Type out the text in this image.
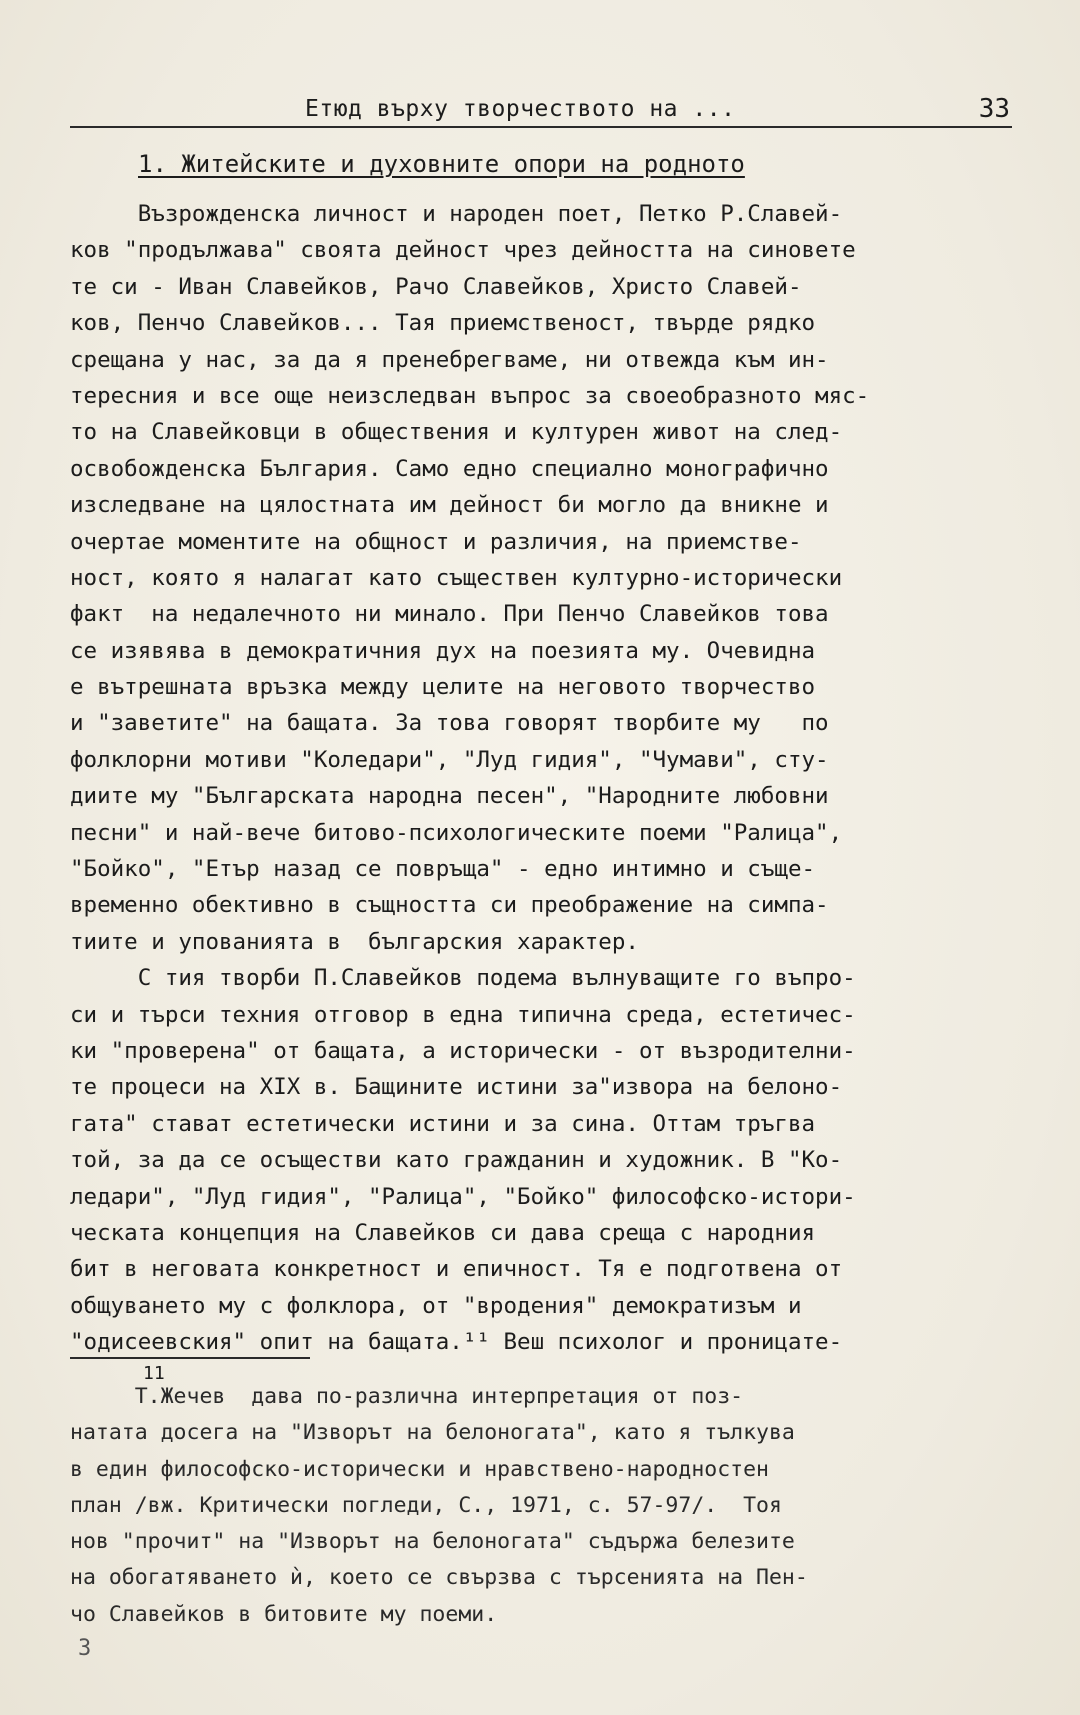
Етюд върху творчеството на ...	33
1. Житейските и духовните опори на родното
Възрожденска личност и народен поет, Петко Р.Славей-
ков "продължава" своята дейност чрез дейността на синовете
те си - Иван Славейков, Рачо Славейков, Христо Славей-
ков, Пенчо Славейков... Тая приемственост, твърде рядко
срещана у нас, за да я пренебрегваме, ни отвежда към ин-
тересния и все още неизследван въпрос за своеобразното мяс-
то на Славейковци в обществения и културен живот на след-
освобожденска България. Само едно специално монографично
изследване на цялостната им дейност би могло да вникне и
очертае моментите на общност и различия, на приемстве-
ност, която я налагат като съществен културно-исторически
факт  на недалечното ни минало. При Пенчо Славейков това
се изявява в демократичния дух на поезията му. Очевидна
е вътрешната връзка между целите на неговото творчество
и "заветите" на бащата. За това говорят творбите му   по
фолклорни мотиви "Коледари", "Луд гидия", "Чумави", сту-
диите му "Българската народна песен", "Народните любовни
песни" и най-вече битово-психологическите поеми "Ралица",
"Бойко", "Етър назад се повръща" - едно интимно и съще-
временно обективно в същността си преображение на симпа-
тиите и упованията в  българския характер.
С тия творби П.Славейков подема вълнуващите го въпро-
си и търси техния отговор в една типична среда, естетичес-
ки "проверена" от бащата, а исторически - от възродителни-
те процеси на XIX в. Бащините истини за"извора на белоно-
гата" стават естетически истини и за сина. Оттам тръгва
той, за да се осъществи като гражданин и художник. В "Ко-
ледари", "Луд гидия", "Ралица", "Бойко" философско-истори-
ческата концепция на Славейков си дава среща с народния
бит в неговата конкретност и епичност. Тя е подготвена от
общуването му с фолклора, от "вродения" демократизъм и
"одисеевския" опит на бащата.¹¹ Веш психолог и проницате-
11
Т.Жечев  дава по-различна интерпретация от поз-
натата досега на "Изворът на белоногата", като я тълкува
в един философско-исторически и нравствено-народностен
план /вж. Критически погледи, С., 1971, с. 57-97/.  Тоя
нов "прочит" на "Изворът на белоногата" съдържа белезите
на обогатяването ѝ, което се свързва с търсенията на Пен-
чо Славейков в битовите му поеми.
3
